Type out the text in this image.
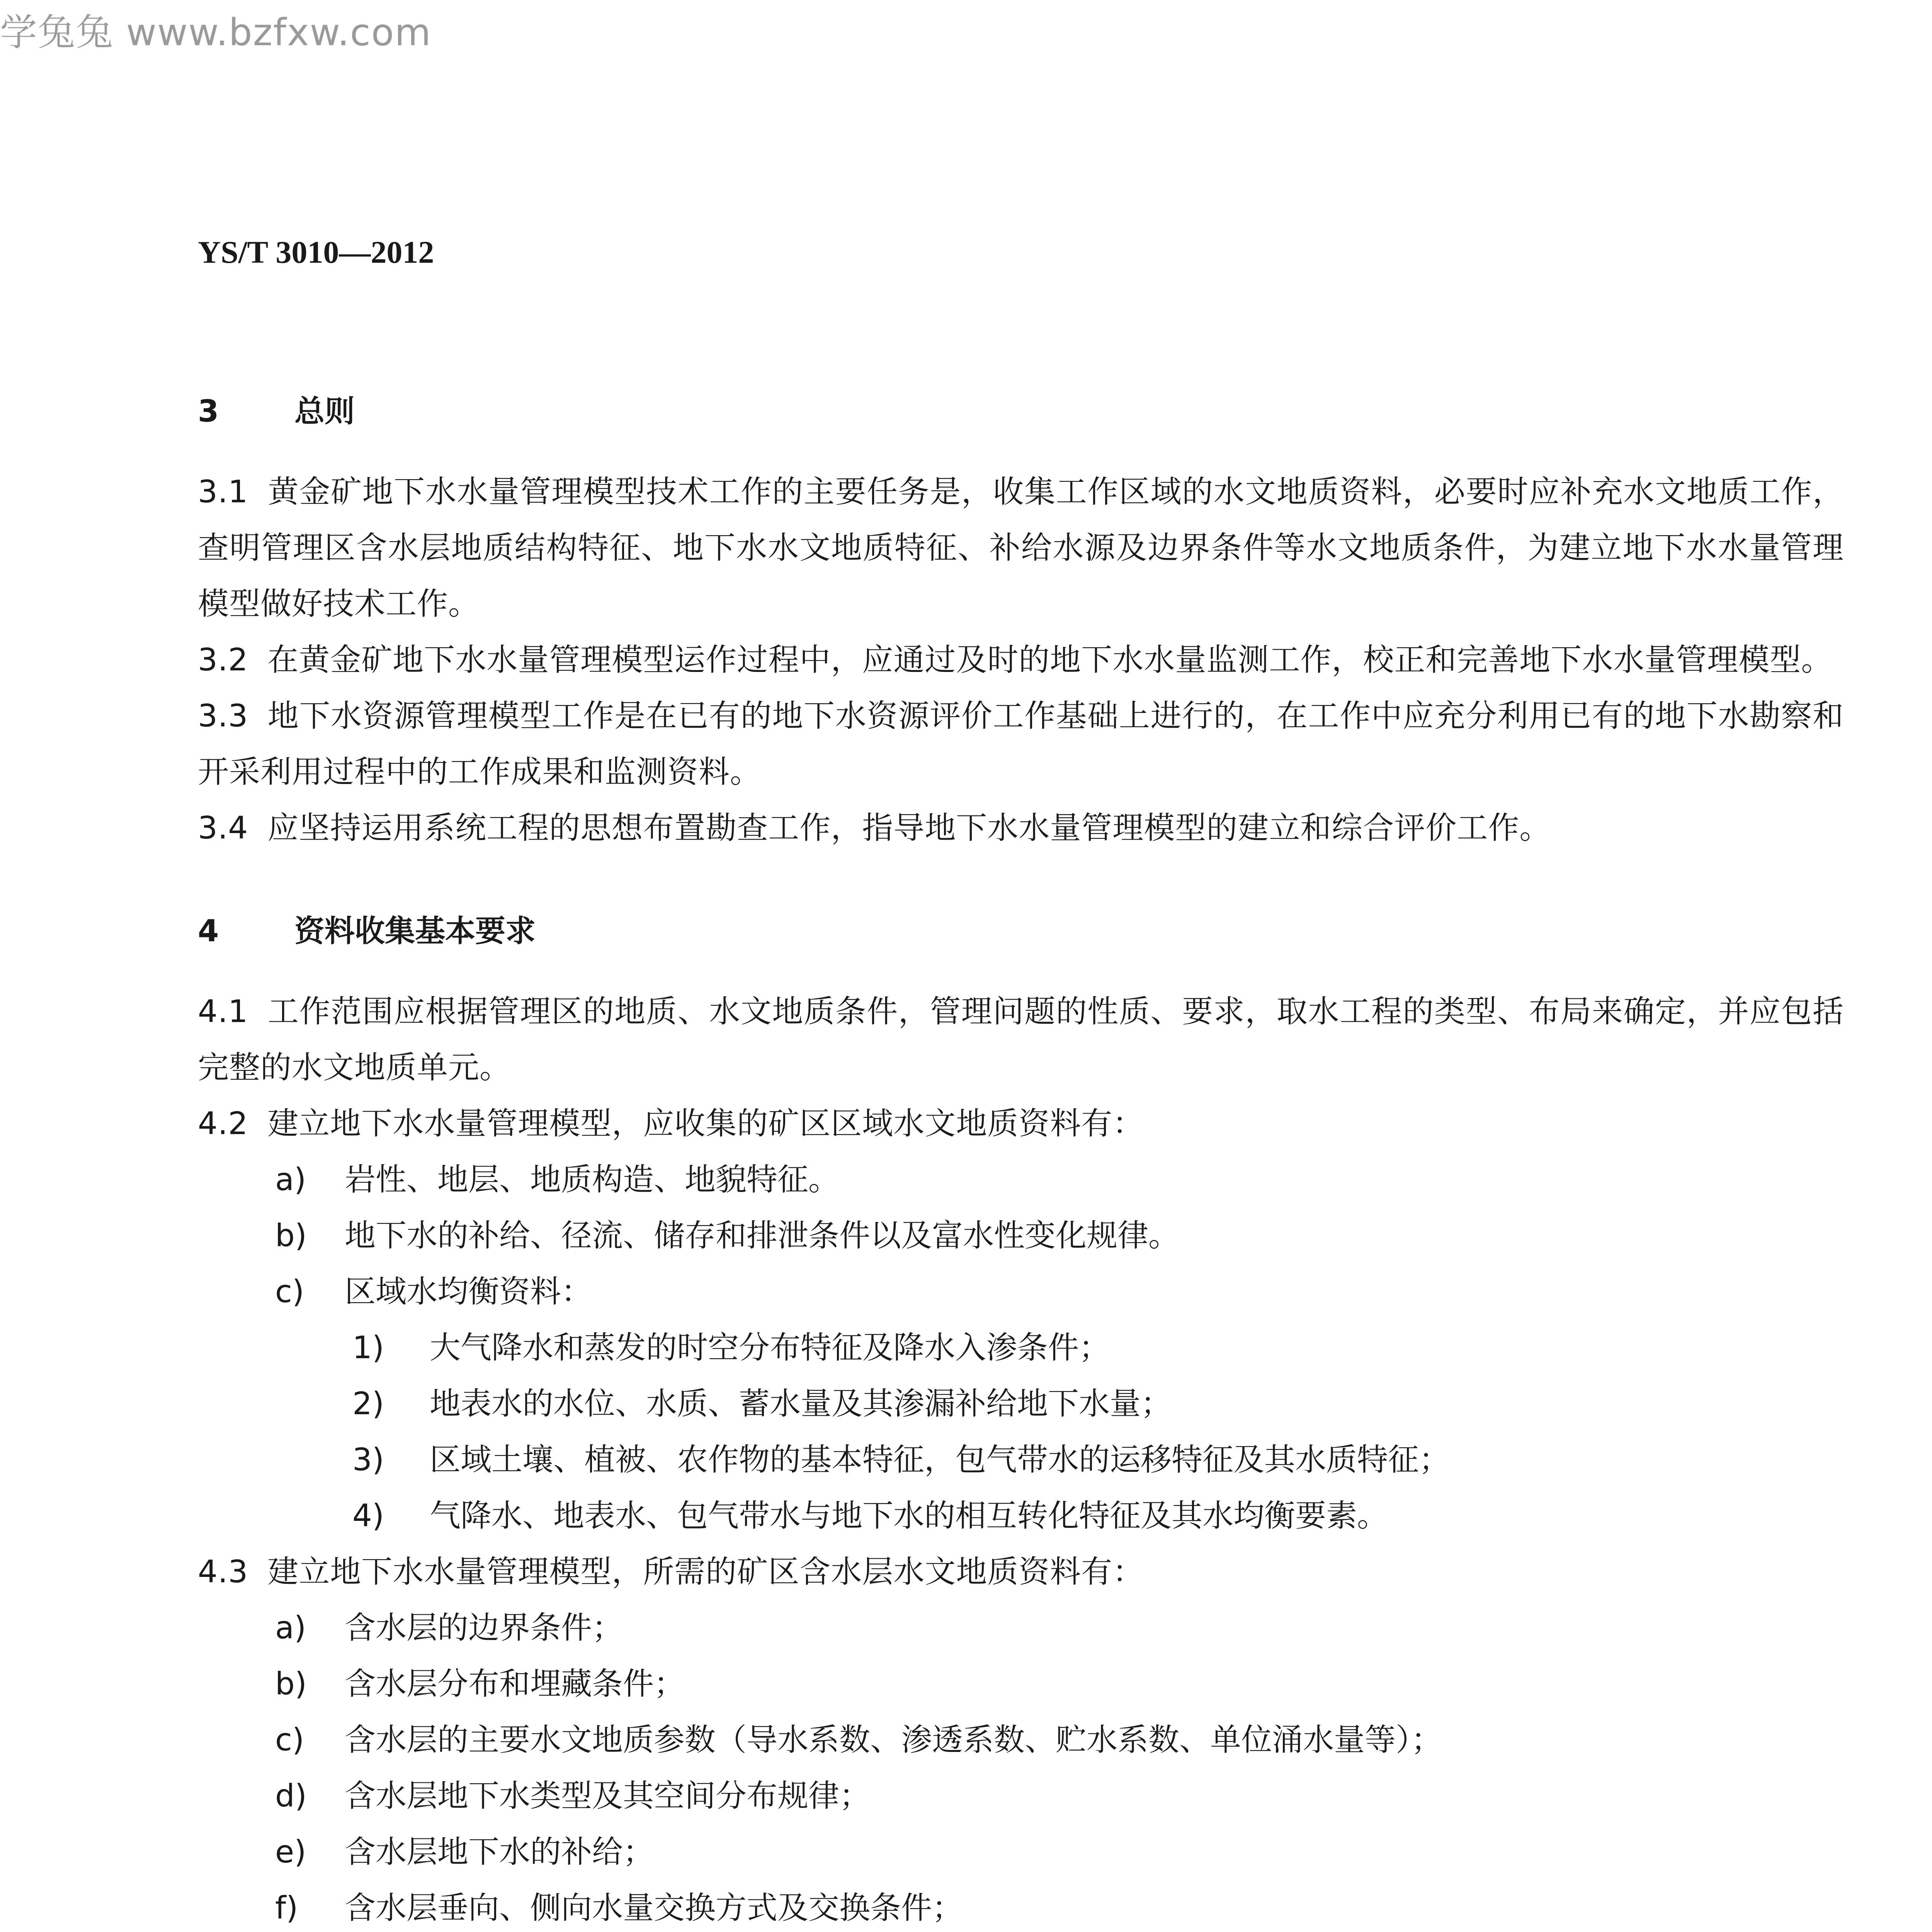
学兔兔 www.bzfxw.com
YS/T 3010—2012
3	总则
3.1 黄金矿地下水水量管理模型技术工作的主要任务是，收集工作区域的水文地质资料，必要时应补充水文地质工作，查明管理区含水层地质结构特征、地下水水文地质特征、补给水源及边界条件等水文地质条件，为建立地下水水量管理模型做好技术工作。
3.2 在黄金矿地下水水量管理模型运作过程中，应通过及时的地下水水量监测工作，校正和完善地下水水量管理模型。
3.3 地下水资源管理模型工作是在已有的地下水资源评价工作基础上进行的，在工作中应充分利用已有的地下水勘察和开采利用过程中的工作成果和监测资料。
3.4 应坚持运用系统工程的思想布置勘查工作，指导地下水水量管理模型的建立和综合评价工作。
4	资料收集基本要求
4.1 工作范围应根据管理区的地质、水文地质条件，管理问题的性质、要求，取水工程的类型、布局来确定，并应包括完整的水文地质单元。
4.2 建立地下水水量管理模型，应收集的矿区区域水文地质资料有：
a) 岩性、地层、地质构造、地貌特征。
b) 地下水的补给、径流、储存和排泄条件以及富水性变化规律。
c) 区域水均衡资料：
1) 大气降水和蒸发的时空分布特征及降水入渗条件；
2) 地表水的水位、水质、蓄水量及其渗漏补给地下水量；
3) 区域土壤、植被、农作物的基本特征，包气带水的运移特征及其水质特征；
4) 气降水、地表水、包气带水与地下水的相互转化特征及其水均衡要素。
4.3 建立地下水水量管理模型，所需的矿区含水层水文地质资料有：
a) 含水层的边界条件；
b) 含水层分布和埋藏条件；
c) 含水层的主要水文地质参数（导水系数、渗透系数、贮水系数、单位涌水量等）；
d) 含水层地下水类型及其空间分布规律；
e) 含水层地下水的补给；
f) 含水层垂向、侧向水量交换方式及交换条件；
